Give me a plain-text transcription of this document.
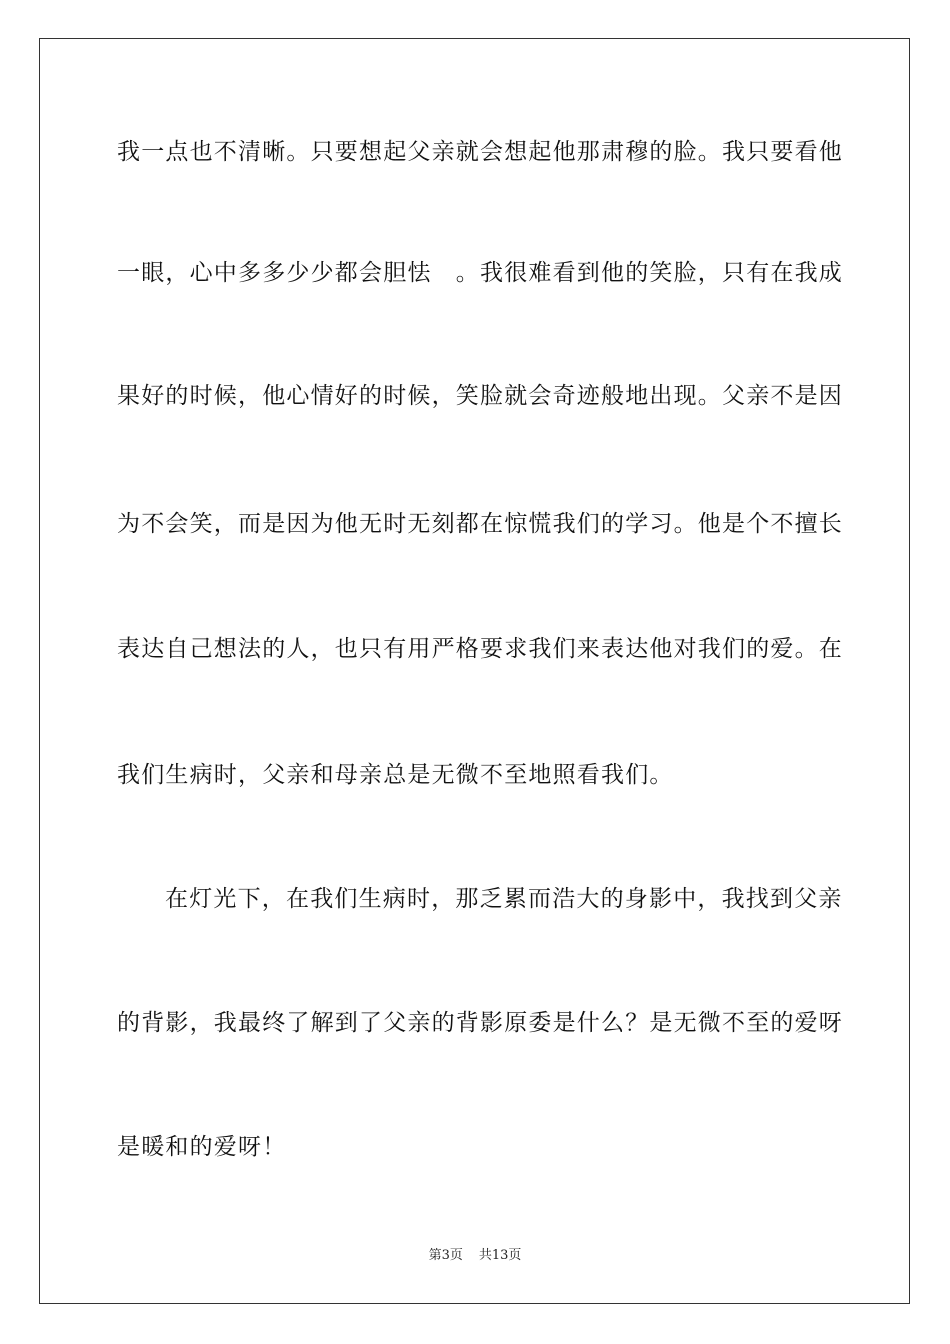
我一点也不清晰。只要想起父亲就会想起他那肃穆的脸。我只要看他
一眼，心中多多少少都会胆怯　。我很难看到他的笑脸，只有在我成
果好的时候，他心情好的时候，笑脸就会奇迹般地出现。父亲不是因
为不会笑，而是因为他无时无刻都在惊慌我们的学习。他是个不擅长
表达自己想法的人，也只有用严格要求我们来表达他对我们的爱。在
我们生病时，父亲和母亲总是无微不至地照看我们。
在灯光下，在我们生病时，那乏累而浩大的身影中，我找到父亲
的背影，我最终了解到了父亲的背影原委是什么？是无微不至的爱呀
是暖和的爱呀！
第3页 共13页
